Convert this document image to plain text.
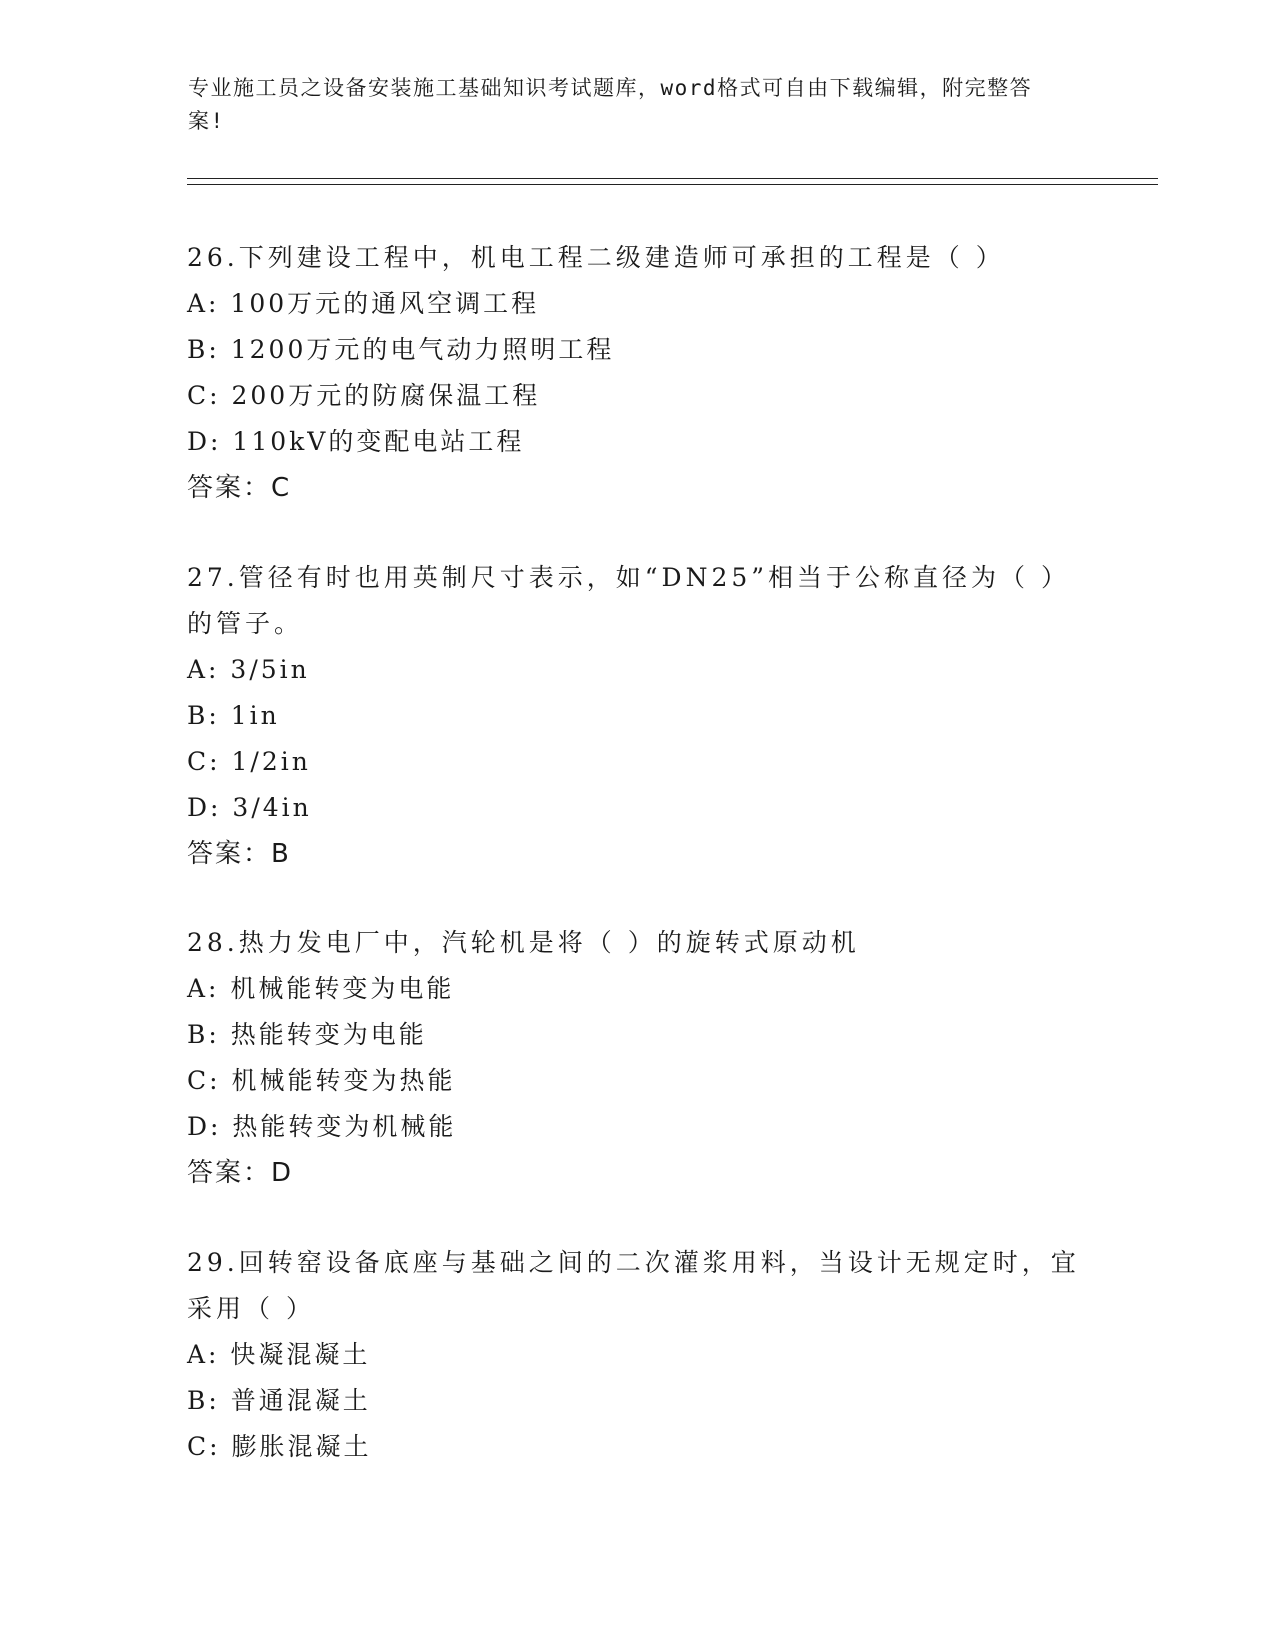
专业施工员之设备安装施工基础知识考试题库，word格式可自由下载编辑，附完整答案!

26.下列建设工程中，机电工程二级建造师可承担的工程是（ ）

A: 100万元的通风空调工程

B: 1200万元的电气动力照明工程

C: 200万元的防腐保温工程

D: 110kV的变配电站工程

答案：C

27.管径有时也用英制尺寸表示，如“DN25”相当于公称直径为（ ）的管子。

A: 3/5in

B: 1in

C: 1/2in

D: 3/4in

答案：B

28.热力发电厂中，汽轮机是将（ ）的旋转式原动机

A: 机械能转变为电能

B: 热能转变为电能

C: 机械能转变为热能

D: 热能转变为机械能

答案：D

29.回转窑设备底座与基础之间的二次灌浆用料，当设计无规定时，宜采用（ ）

A: 快凝混凝土

B: 普通混凝土

C: 膨胀混凝土
